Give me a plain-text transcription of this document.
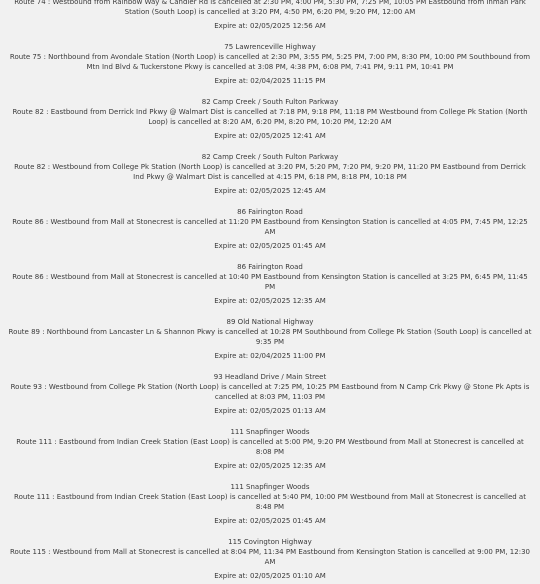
Route 74 : Westbound from Rainbow Way & Candler Rd is cancelled at 2:30 PM, 4:00 PM, 5:30 PM, 7:25 PM, 10:05 PM Eastbound from Inman Park Station (South Loop) is cancelled at 3:20 PM, 4:50 PM, 6:20 PM, 9:20 PM, 12:00 AM
Expire at: 02/05/2025 12:56 AM
75 Lawrenceville Highway
Route 75 : Northbound from Avondale Station (North Loop) is cancelled at 2:30 PM, 3:55 PM, 5:25 PM, 7:00 PM, 8:30 PM, 10:00 PM Southbound from Mtn Ind Blvd & Tuckerstone Pkwy is cancelled at 3:08 PM, 4:38 PM, 6:08 PM, 7:41 PM, 9:11 PM, 10:41 PM
Expire at: 02/04/2025 11:15 PM
82 Camp Creek / South Fulton Parkway
Route 82 : Eastbound from Derrick Ind Pkwy @ Walmart Dist is cancelled at 7:18 PM, 9:18 PM, 11:18 PM Westbound from College Pk Station (North Loop) is cancelled at 8:20 AM, 6:20 PM, 8:20 PM, 10:20 PM, 12:20 AM
Expire at: 02/05/2025 12:41 AM
82 Camp Creek / South Fulton Parkway
Route 82 : Westbound from College Pk Station (North Loop) is cancelled at 3:20 PM, 5:20 PM, 7:20 PM, 9:20 PM, 11:20 PM Eastbound from Derrick Ind Pkwy @ Walmart Dist is cancelled at 4:15 PM, 6:18 PM, 8:18 PM, 10:18 PM
Expire at: 02/05/2025 12:45 AM
86 Fairington Road
Route 86 : Westbound from Mall at Stonecrest is cancelled at 11:20 PM Eastbound from Kensington Station is cancelled at 4:05 PM, 7:45 PM, 12:25 AM
Expire at: 02/05/2025 01:45 AM
86 Fairington Road
Route 86 : Westbound from Mall at Stonecrest is cancelled at 10:40 PM Eastbound from Kensington Station is cancelled at 3:25 PM, 6:45 PM, 11:45 PM
Expire at: 02/05/2025 12:35 AM
89 Old National Highway
Route 89 : Northbound from Lancaster Ln & Shannon Pkwy is cancelled at 10:28 PM Southbound from College Pk Station (South Loop) is cancelled at 9:35 PM
Expire at: 02/04/2025 11:00 PM
93 Headland Drive / Main Street
Route 93 : Westbound from College Pk Station (North Loop) is cancelled at 7:25 PM, 10:25 PM Eastbound from N Camp Crk Pkwy @ Stone Pk Apts is cancelled at 8:03 PM, 11:03 PM
Expire at: 02/05/2025 01:13 AM
111 Snapfinger Woods
Route 111 : Eastbound from Indian Creek Station (East Loop) is cancelled at 5:00 PM, 9:20 PM Westbound from Mall at Stonecrest is cancelled at 8:08 PM
Expire at: 02/05/2025 12:35 AM
111 Snapfinger Woods
Route 111 : Eastbound from Indian Creek Station (East Loop) is cancelled at 5:40 PM, 10:00 PM Westbound from Mall at Stonecrest is cancelled at 8:48 PM
Expire at: 02/05/2025 01:45 AM
115 Covington Highway
Route 115 : Westbound from Mall at Stonecrest is cancelled at 8:04 PM, 11:34 PM Eastbound from Kensington Station is cancelled at 9:00 PM, 12:30 AM
Expire at: 02/05/2025 01:10 AM
